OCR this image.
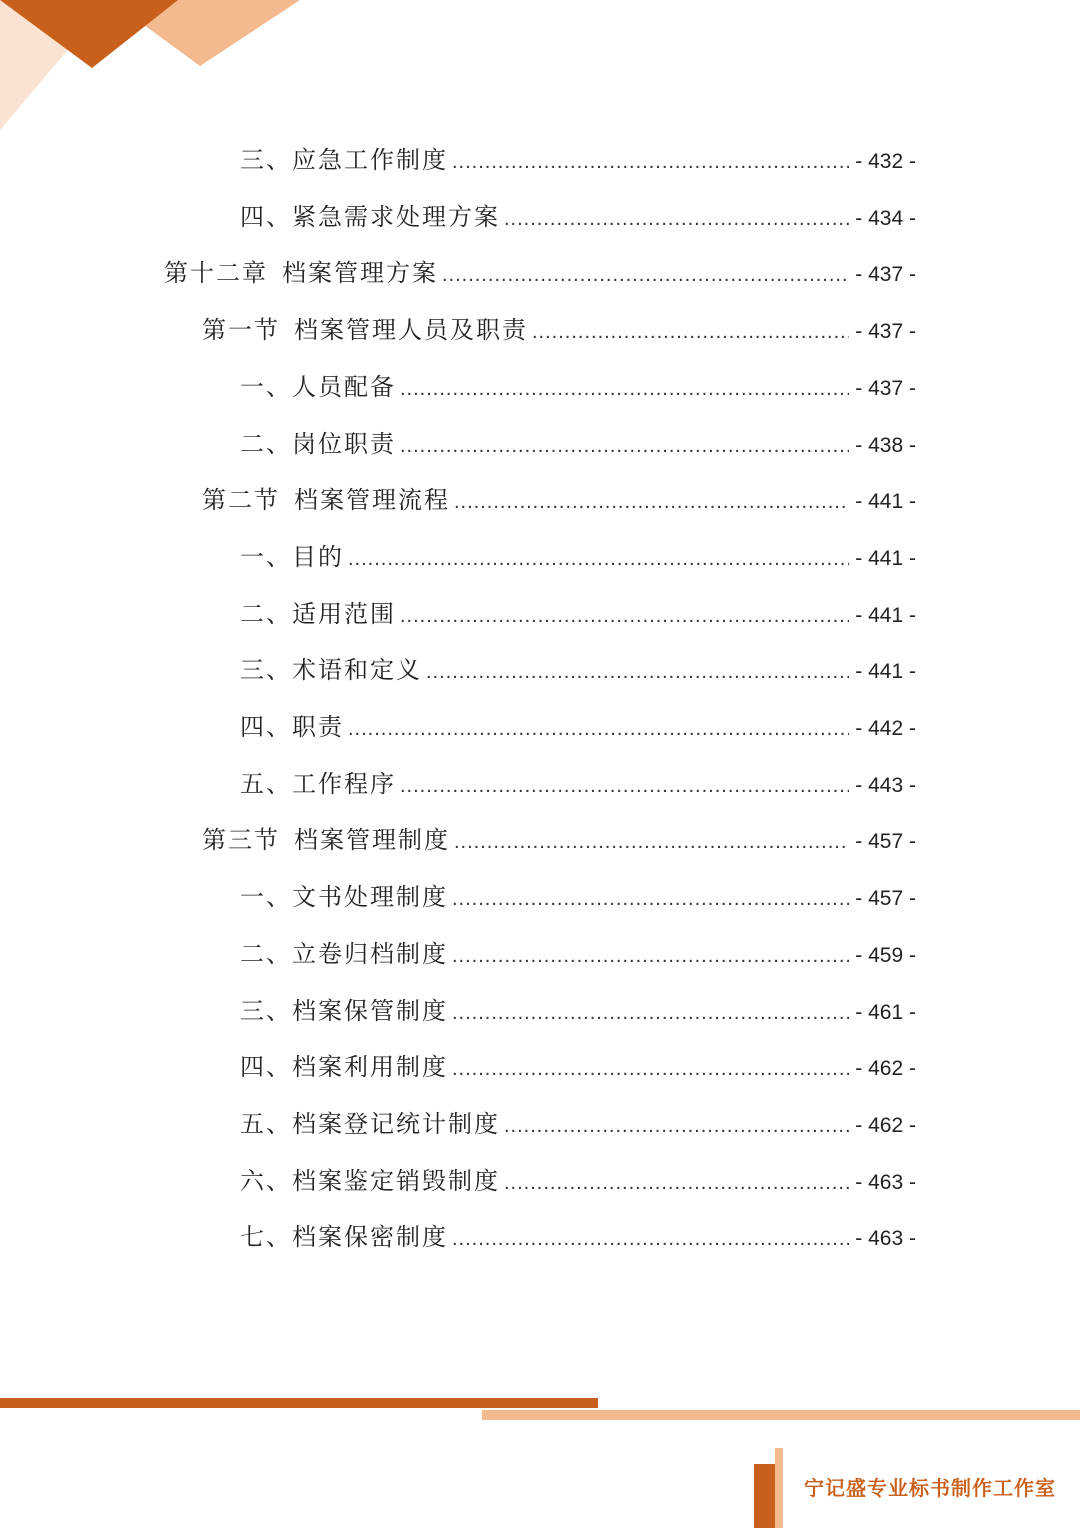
三、应急工作制度 .....	- 432 -
四、紧急需求处理方案 .....	- 434 -
第十二章 档案管理方案 .....	- 437 -
第一节 档案管理人员及职责 .....	- 437 -
一、人员配备 .....	- 437 -
二、岗位职责 .....	- 438 -
第二节 档案管理流程 .....	- 441 -
一、目的 .....	- 441 -
二、适用范围 .....	- 441 -
三、术语和定义 .....	- 441 -
四、职责 .....	- 442 -
五、工作程序 .....	- 443 -
第三节 档案管理制度 .....	- 457 -
一、文书处理制度 .....	- 457 -
二、立卷归档制度 .....	- 459 -
三、档案保管制度 .....	- 461 -
四、档案利用制度 .....	- 462 -
五、档案登记统计制度 .....	- 462 -
六、档案鉴定销毁制度 .....	- 463 -
七、档案保密制度 .....	- 463 -
宁记盛专业标书制作工作室
